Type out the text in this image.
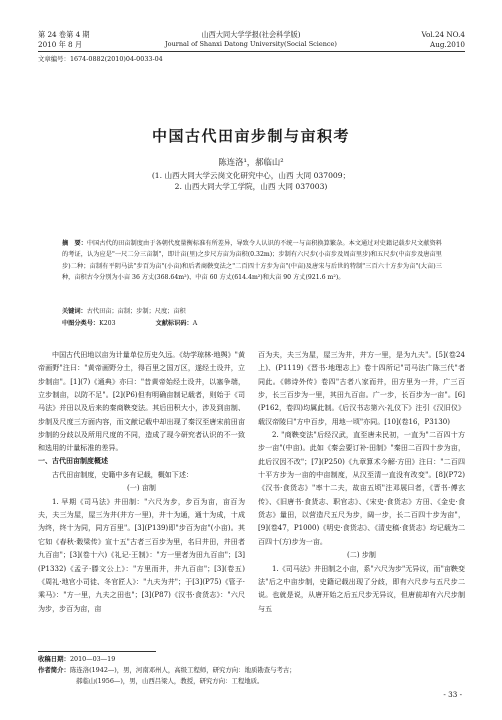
第 24 卷第 4 期
2010 年 8 月
山西大同大学学报(社会科学版)
Journal of Shanxi Datong University(Social Science)
Vol.24 NO.4
Aug.2010
文章编号：1674-0882(2010)04-0033-04
中国古代田亩步制与亩积考
陈连洛¹，郝临山²
(1. 山西大同大学云岗文化研究中心，山西 大同 037009；
2. 山西大同大学工学院，山西 大同 037003)
摘　要：中国古代的田亩制度由于各朝代度量衡标准有所差异，导致令人认识的不统一与亩积换算繁杂。本文通过对史籍记载步尺文献资料的考证，认为应是"一尺二分三亩制"，即计亩(里)之步尺方亩为亩积(0.32m)；步制有六尺步(小亩步及周亩里步)和五尺步(中亩步及唐亩里步)二种；亩制有平阴马法"步百为亩"(小亩)和后者商鞅变法之"二百四十方步为亩"(中亩)及唐宋与后世的特制"三百六十方步为亩"(大亩)三种，亩积古今分别为小亩 36 方丈(368.64m²)、中亩 60 方丈(614.4m²)和大亩 90 方丈(921.6 m²)。
关键词：古代田亩；亩制；步制；尺度；亩积
中图分类号：K203	文献标识码：A

中国古代田地以亩为计量单位历史久远。《幼学琼林·地舆》"黄帝画野"注曰："黄帝画野分土，得百里之国万区，遂经土设井，立步制亩"。[1](7)《通典》亦曰："昔黄帝始经土设井，以塞争端，立步制亩，以防不足"。[2](P6)但有明确亩制记载者，则始于《司马法》并田以及后来的秦商鞅变法。其后田积大小，涉及到亩制、步制及尺度三方面内容，而文献记载中却出现了秦汉至唐宋前田亩步制的分歧以及所用尺度的不同，造成了现今研究者认识的不一致和选用的计量标准的差异。

一、古代田亩制度概述

古代田亩制度，史籍中多有记载，概如下述：

(一) 亩制

1. 早期《司马法》井田制："六尺为步，步百为亩，亩百为夫，夫三为屋，屋三为井(井方一里)，井十为通，通十为成，十成为终，终十为同，同方百里"。[3](P139)即"步百为亩"(小亩)。其它如《春秋·穀梁传》宣十五"古者三百步为里，名曰井田，井田者九百亩"；[3](卷十六)《礼记·王制》："方一里者为田九百亩"；[3](P1332)《孟子·滕文公上》："方里而井，井九百亩"；[3](卷五)《周礼·地官小司徒、冬官匠人》："九夫为井"；于[3](P75)《管子·乘马》："方一里，九夫之田也"；[3](P87)《汉书·食货志》："六尺为步，步百为亩，亩

百为夫，夫三为屋，屋三为井，井方一里，是为九夫"。[5](卷24上)、(P1119)《晋书·地理志上》卷十四所记"司马法广陈三代"者同此。《韩诗外传》卷四"古者八家而井，田方里为一井，广三百步，长三百步为一里，其田九百亩。广一步，长百步为一亩"。[6](P162，卷四)均属此制。《后汉书志第六·礼仪下》注引《汉旧仪》载汉帝陵曰"方中百步，用地一顷"亦同。[10](卷16，P3130)

2. "商鞅变法"后经汉武，直至唐未民初，一直为"二百四十方步一亩"(中亩)。此如《秦会要订补·田制》"秦田二百四十步为亩，此后汉因不改"；[7](P250)《九章算术今解·方田》注曰："二百四十平方步为一亩的中亩制度，从汉至清一直没有改变"。[8](P72)《汉书·食货志》"率十二夫，故亩五顷"注邓展曰者，《晋书·傅玄传》、《旧唐书·食货志、职官志》、《宋史·食货志》方田、《金史·食货志》量田，以营造尺五尺为步，阔一步，长二百四十步为亩"，[9](卷47，P1000)《明史·食货志》、《清史稿·食货志》均记载为二百四十(方)步为一亩。

(二) 步制

1.《司马法》井田制之小亩，系"六尺为步"无异议，而"亩鞅变法"后之中亩步制，史籍记载出现了分歧，即有六尺步与五尺步二说。也就是说，从唐开始之后五尺步无异议，但唐前却有六尺步制与五

收稿日期：2010—03—19
作者简介：陈连洛(1942—)，男，河南邓州人，高级工程师，研究方向：地质勘查与考古；
郝临山(1956—)，男，山西吕梁人，教授，研究方向：工程地质。
- 33 -
